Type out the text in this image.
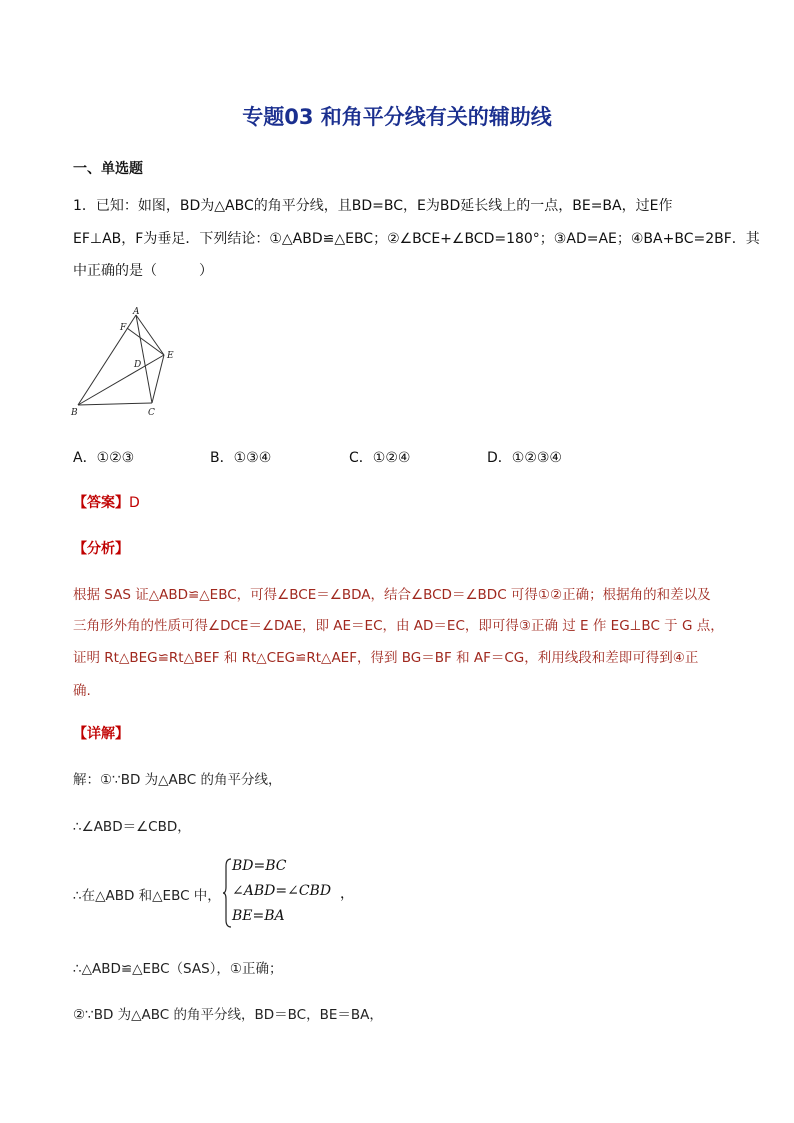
专题03 和角平分线有关的辅助线
一、单选题
1．已知：如图，BD为△ABC的角平分线，且BD=BC，E为BD延长线上的一点，BE=BA，过E作
EF⊥AB，F为垂足．下列结论：①△ABD≌△EBC；②∠BCE+∠BCD=180°；③AD=AE；④BA+BC=2BF．其
中正确的是（　　　）
A
B	C
D
E
F
A．①②③	B．①③④	C．①②④	D．①②③④
【答案】D
【分析】
根据 SAS 证△ABD≌△EBC，可得∠BCE＝∠BDA，结合∠BCD＝∠BDC 可得①②正确；根据角的和差以及
三角形外角的性质可得∠DCE＝∠DAE，即 AE＝EC，由 AD＝EC，即可得③正确 过 E 作 EG⊥BC 于 G 点，
证明 Rt△BEG≌Rt△BEF 和 Rt△CEG≌Rt△AEF，得到 BG＝BF 和 AF＝CG，利用线段和差即可得到④正
确.
【详解】
解：①∵BD 为△ABC 的角平分线，
∴∠ABD＝∠CBD，
∴在△ABD 和△EBC 中，
BD=BC
∠ABD=∠CBD
BE=BA
，
∴△ABD≌△EBC（SAS），①正确；
②∵BD 为△ABC 的角平分线，BD＝BC，BE＝BA，
